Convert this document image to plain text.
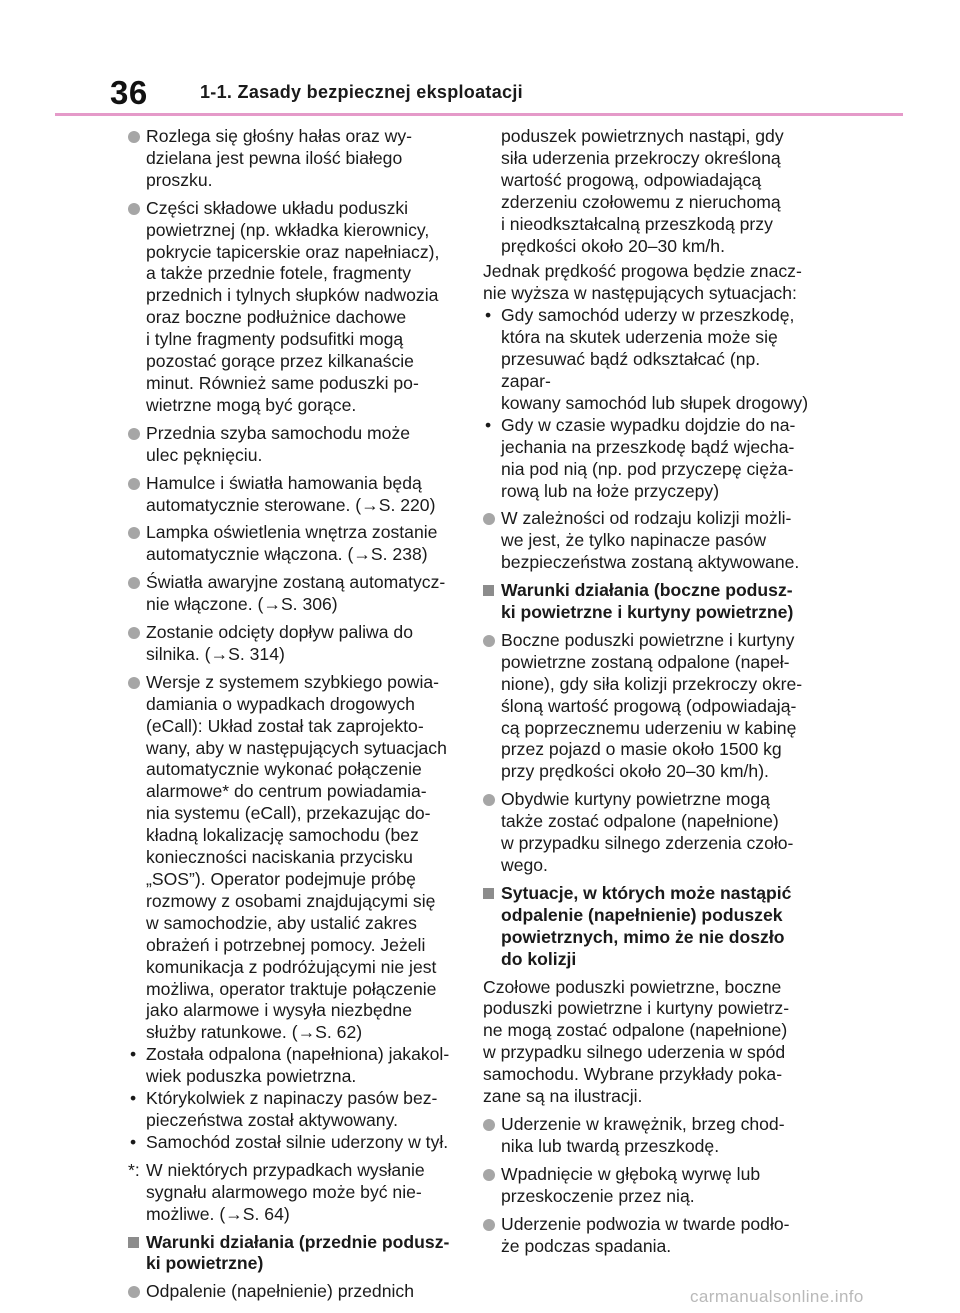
36	1-1. Zasady bezpiecznej eksploatacji
Rozlega się głośny hałas oraz wy-
dzielana jest pewna ilość białego
proszku.
Części składowe układu poduszki
powietrznej (np. wkładka kierownicy,
pokrycie tapicerskie oraz napełniacz),
a także przednie fotele, fragmenty
przednich i tylnych słupków nadwozia
oraz boczne podłużnice dachowe
i tylne fragmenty podsufitki mogą
pozostać gorące przez kilkanaście
minut. Również same poduszki po-
wietrzne mogą być gorące.
Przednia szyba samochodu może
ulec pęknięciu.
Hamulce i światła hamowania będą
automatycznie sterowane. (→S. 220)
Lampka oświetlenia wnętrza zostanie
automatycznie włączona. (→S. 238)
Światła awaryjne zostaną automatycz-
nie włączone. (→S. 306)
Zostanie odcięty dopływ paliwa do
silnika. (→S. 314)
Wersje z systemem szybkiego powia-
damiania o wypadkach drogowych
(eCall): Układ został tak zaprojekto-
wany, aby w następujących sytuacjach
automatycznie wykonać połączenie
alarmowe* do centrum powiadamia-
nia systemu (eCall), przekazując do-
kładną lokalizację samochodu (bez
konieczności naciskania przycisku
„SOS”). Operator podejmuje próbę
rozmowy z osobami znajdującymi się
w samochodzie, aby ustalić zakres
obrażeń i potrzebnej pomocy. Jeżeli
komunikacja z podróżującymi nie jest
możliwa, operator traktuje połączenie
jako alarmowe i wysyła niezbędne
służby ratunkowe. (→S. 62)
• Została odpalona (napełniona) jakakol-
wiek poduszka powietrzna.
• Którykolwiek z napinaczy pasów bez-
pieczeństwa został aktywowany.
• Samochód został silnie uderzony w tył.
*: W niektórych przypadkach wysłanie
sygnału alarmowego może być nie-
możliwe. (→S. 64)
Warunki działania (przednie podusz-
ki powietrzne)
Odpalenie (napełnienie) przednich
poduszek powietrznych nastąpi, gdy
siła uderzenia przekroczy określoną
wartość progową, odpowiadającą
zderzeniu czołowemu z nieruchomą
i nieodkształcalną przeszkodą przy
prędkości około 20–30 km/h.
Jednak prędkość progowa będzie znacz-
nie wyższa w następujących sytuacjach:
• Gdy samochód uderzy w przeszkodę,
która na skutek uderzenia może się
przesuwać bądź odkształcać (np. zapar-
kowany samochód lub słupek drogowy)
• Gdy w czasie wypadku dojdzie do na-
jechania na przeszkodę bądź wjecha-
nia pod nią (np. pod przyczepę cięża-
rową lub na łoże przyczepy)
W zależności od rodzaju kolizji możli-
we jest, że tylko napinacze pasów
bezpieczeństwa zostaną aktywowane.
Warunki działania (boczne podusz-
ki powietrzne i kurtyny powietrzne)
Boczne poduszki powietrzne i kurtyny
powietrzne zostaną odpalone (napeł-
nione), gdy siła kolizji przekroczy okre-
śloną wartość progową (odpowiadają-
cą poprzecznemu uderzeniu w kabinę
przez pojazd o masie około 1500 kg
przy prędkości około 20–30 km/h).
Obydwie kurtyny powietrzne mogą
także zostać odpalone (napełnione)
w przypadku silnego zderzenia czoło-
wego.
Sytuacje, w których może nastąpić
odpalenie (napełnienie) poduszek
powietrznych, mimo że nie doszło
do kolizji
Czołowe poduszki powietrzne, boczne
poduszki powietrzne i kurtyny powietrz-
ne mogą zostać odpalone (napełnione)
w przypadku silnego uderzenia w spód
samochodu. Wybrane przykłady poka-
zane są na ilustracji.
Uderzenie w krawężnik, brzeg chod-
nika lub twardą przeszkodę.
Wpadnięcie w głęboką wyrwę lub
przeskoczenie przez nią.
Uderzenie podwozia w twarde podło-
że podczas spadania.
carmanualsonline.info
